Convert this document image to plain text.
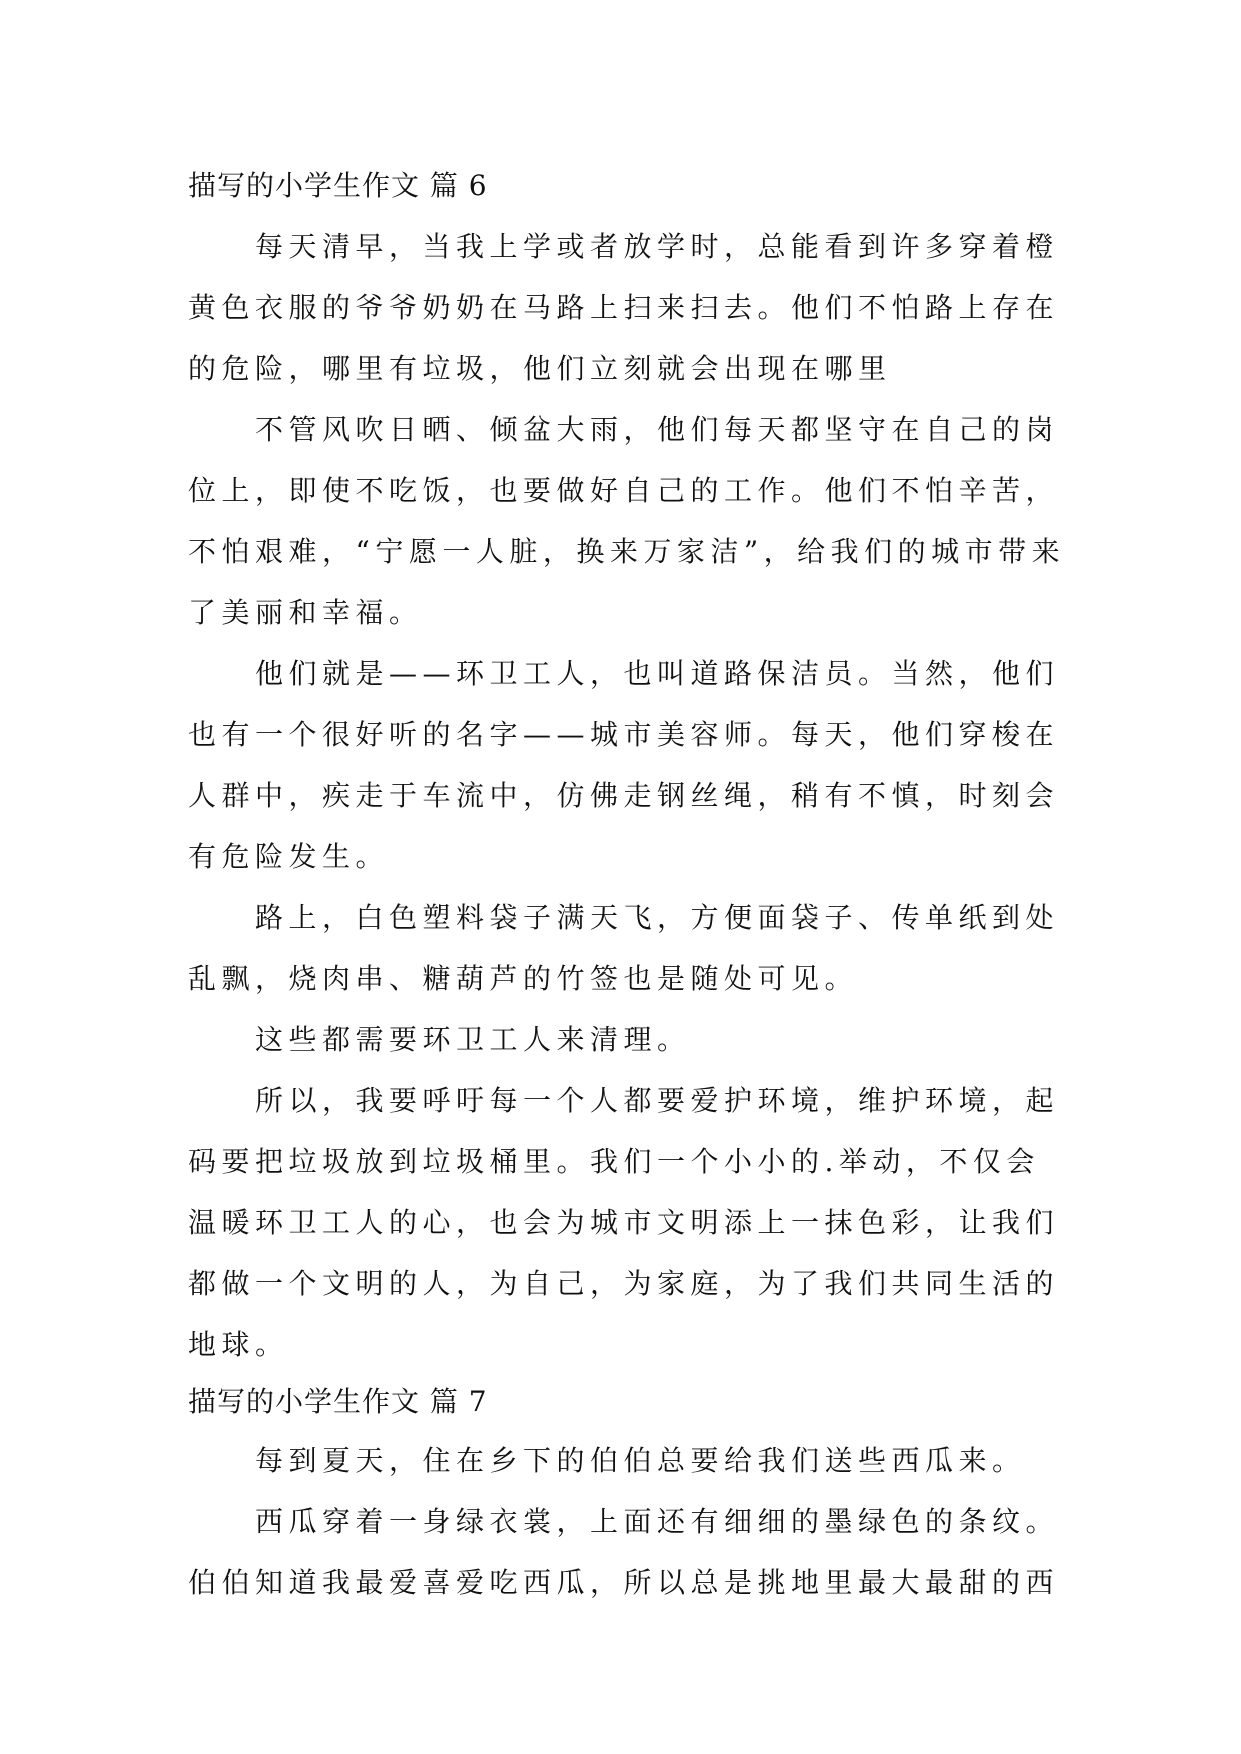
描写的小学生作文 篇 6
每天清早，当我上学或者放学时，总能看到许多穿着橙
黄色衣服的爷爷奶奶在马路上扫来扫去。他们不怕路上存在
的危险，哪里有垃圾，他们立刻就会出现在哪里
不管风吹日晒、倾盆大雨，他们每天都坚守在自己的岗
位上，即使不吃饭，也要做好自己的工作。他们不怕辛苦，
不怕艰难，“宁愿一人脏，换来万家洁”，给我们的城市带来
了美丽和幸福。
他们就是——环卫工人，也叫道路保洁员。当然，他们
也有一个很好听的名字——城市美容师。每天，他们穿梭在
人群中，疾走于车流中，仿佛走钢丝绳，稍有不慎，时刻会
有危险发生。
路上，白色塑料袋子满天飞，方便面袋子、传单纸到处
乱飘，烧肉串、糖葫芦的竹签也是随处可见。
这些都需要环卫工人来清理。
所以，我要呼吁每一个人都要爱护环境，维护环境，起
码要把垃圾放到垃圾桶里。我们一个小小的.举动，不仅会
温暖环卫工人的心，也会为城市文明添上一抹色彩，让我们
都做一个文明的人，为自己，为家庭，为了我们共同生活的
地球。
描写的小学生作文 篇 7
每到夏天，住在乡下的伯伯总要给我们送些西瓜来。
西瓜穿着一身绿衣裳，上面还有细细的墨绿色的条纹。
伯伯知道我最爱喜爱吃西瓜，所以总是挑地里最大最甜的西
